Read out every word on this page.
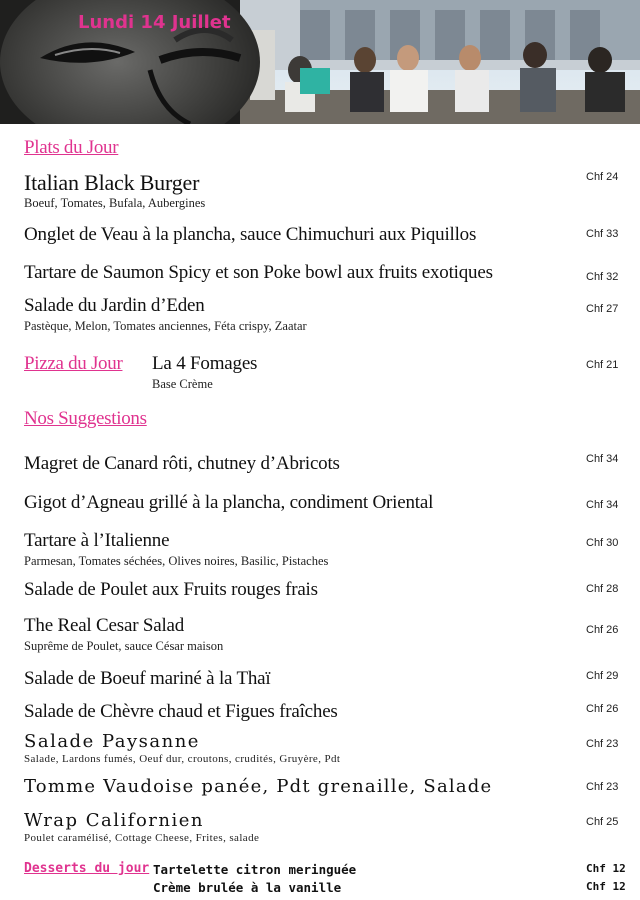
Lundi 14 Juillet
Plats du Jour
Italian Black Burger
Boeuf, Tomates, Bufala, Aubergines
Chf 24
Onglet de Veau à la plancha, sauce Chimuchuri aux Piquillos	Chf 33
Tartare de Saumon Spicy et son Poke bowl aux fruits exotiques	Chf 32
Salade du Jardin d’Eden
Pastèque, Melon, Tomates anciennes, Féta crispy, Zaatar
Chf 27
Pizza du Jour La 4 Fomages
Base Crème
Chf 21
Nos Suggestions
Magret de Canard rôti, chutney d’Abricots	Chf 34
Gigot d’Agneau grillé à la plancha, condiment Oriental	Chf 34
Tartare à l’Italienne
Parmesan, Tomates séchées, Olives noires, Basilic, Pistaches
Chf 30
Salade de Poulet aux Fruits rouges frais	Chf 28
The Real Cesar Salad
Suprême de Poulet, sauce César maison
Chf 26
Salade de Boeuf mariné à la Thaï	Chf 29
Salade de Chèvre chaud et Figues fraîches	Chf 26
Salade Paysanne
Salade, Lardons fumés, Oeuf dur, croutons, crudités, Gruyère, Pdt
Chf 23
Tomme Vaudoise panée, Pdt grenaille, Salade	Chf 23
Wrap Californien
Poulet caramélisé, Cottage Cheese, Frites, salade
Chf 25
Desserts du jour Tartelette citron meringuée	Chf 12
Crème brulée à la vanille	Chf 12
